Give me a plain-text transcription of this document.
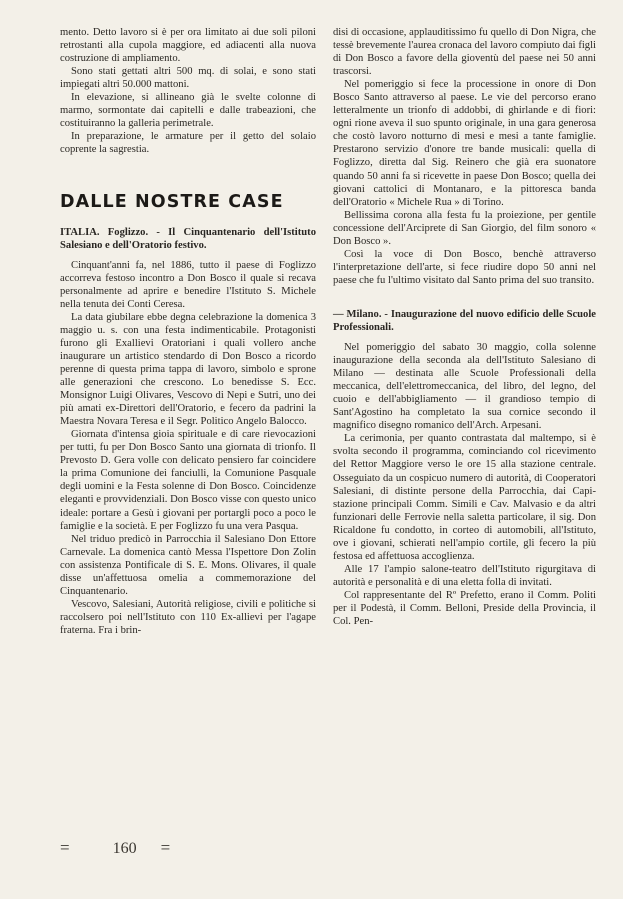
mento. Detto lavoro si è per ora limitato ai due soli piloni retrostanti alla cupola maggiore, ed adiacenti alla nuova costruzione di ampliamento.

Sono stati gettati altri 500 mq. di solai, e sono stati impiegati altri 50.000 mattoni.

In elevazione, si allineano già le svelte colonne di marmo, sormontate dai capitelli e dalle trabeazioni, che costituiranno la galleria perimetrale.

In preparazione, le armature per il getto del solaio coprente la sagrestia.

DALLE NOSTRE CASE

ITALIA. Foglizzo. - Il Cinquantenario dell'Istituto Salesiano e dell'Oratorio festivo.

Cinquant'anni fa, nel 1886, tutto il paese di Foglizzo accorreva festoso incontro a Don Bosco il quale si recava personalmente ad aprire e benedire l'Istituto S. Michele nella tenuta dei Conti Ceresa.

La data giubilare ebbe degna celebrazione la domenica 3 maggio u. s. con una festa indimenticabile. Protagonisti furono gli Exallievi Oratoriani i quali vollero anche inaugurare un artistico stendardo di Don Bosco a ricordo perenne di questa prima tappa di lavoro, simbolo e sprone alle generazioni che crescono. Lo benedisse S. Ecc. Monsignor Luigi Olivares, Vescovo di Nepi e Sutri, uno dei più amati ex-Direttori dell'Oratorio, e fecero da padrini la Maestra Novara Teresa e il Segr. Politico Angelo Balocco.

Giornata d'intensa gioia spirituale e di care rievocazioni per tutti, fu per Don Bosco Santo una giornata di trionfo. Il Prevosto D. Gera volle con delicato pensiero far coincidere la prima Comunione dei fanciulli, la Comunione Pasquale degli uomini e la Festa solenne di Don Bosco. Coincidenze eleganti e provvidenziali. Don Bosco visse con questo unico ideale: portare a Gesù i giovani per portargli poco a poco le famiglie e la società. E per Foglizzo fu una vera Pasqua.

Nel triduo predicò in Parrocchia il Salesiano Don Ettore Carnevale. La domenica cantò Messa l'Ispettore Don Zolin con assistenza Pontificale di S. E. Mons. Olivares, il quale disse un'affettuosa omelia a commemorazione del Cinquantenario.

Vescovo, Salesiani, Autorità religiose, civili e politiche si raccolsero poi nell'Istituto con 110 Ex-allievi per l'agape fraterna. Fra i brin-

disi di occasione, applauditissimo fu quello di Don Nigra, che tessè brevemente l'aurea cronaca del lavoro compiuto dai figli di Don Bosco a favore della gioventù del paese nei 50 anni trascorsi.

Nel pomeriggio si fece la processione in onore di Don Bosco Santo attraverso al paese. Le vie del percorso erano letteralmente un trionfo di addobbi, di ghirlande e di fiori: ogni rione aveva il suo spunto originale, in una gara generosa che costò lavoro notturno di mesi e mesi a tante famiglie. Prestarono servizio d'onore tre bande musicali: quella di Foglizzo, diretta dal Sig. Reinero che già era suonatore quando 50 anni fa si ricevette in paese Don Bosco; quella dei giovani cattolici di Montanaro, e la pittoresca banda dell'Oratorio « Michele Rua » di Torino.

Bellissima corona alla festa fu la proiezione, per gentile concessione dell'Arciprete di San Giorgio, del film sonoro « Don Bosco ».

Così la voce di Don Bosco, benchè attraverso l'interpretazione dell'arte, si fece riudire dopo 50 anni nel paese che fu l'ultimo visitato dal Santo prima del suo transito.

— Milano. - Inaugurazione del nuovo edificio delle Scuole Professionali.

Nel pomeriggio del sabato 30 maggio, colla solenne inaugurazione della seconda ala dell'Istituto Salesiano di Milano — destinata alle Scuole Professionali della meccanica, dell'elettromeccanica, del libro, del legno, del cuoio e dell'abbigliamento — il grandioso tempio di Sant'Agostino ha completato la sua cornice secondo il magnifico disegno romanico dell'Arch. Arpesani.

La cerimonia, per quanto contrastata dal maltempo, si è svolta secondo il programma, cominciando col ricevimento del Rettor Maggiore verso le ore 15 alla stazione centrale. Osseguiato da un cospicuo numero di autorità, di Cooperatori Salesiani, di distinte persone della Parrocchia, dai Capi-stazione principali Comm. Simili e Cav. Malvasio e da altri funzionari delle Ferrovie nella saletta particolare, il sig. Don Ricaldone fu condotto, in corteo di automobili, all'Istituto, ove i giovani, schierati nell'ampio cortile, gli fecero la più festosa ed affettuosa accoglienza.

Alle 17 l'ampio salone-teatro dell'Istituto rigurgitava di autorità e personalità e di una eletta folla di invitati.

Col rappresentante del Rº Prefetto, erano il Comm. Politi per il Podestà, il Comm. Belloni, Preside della Provincia, il Col. Pen-

=	160 =
